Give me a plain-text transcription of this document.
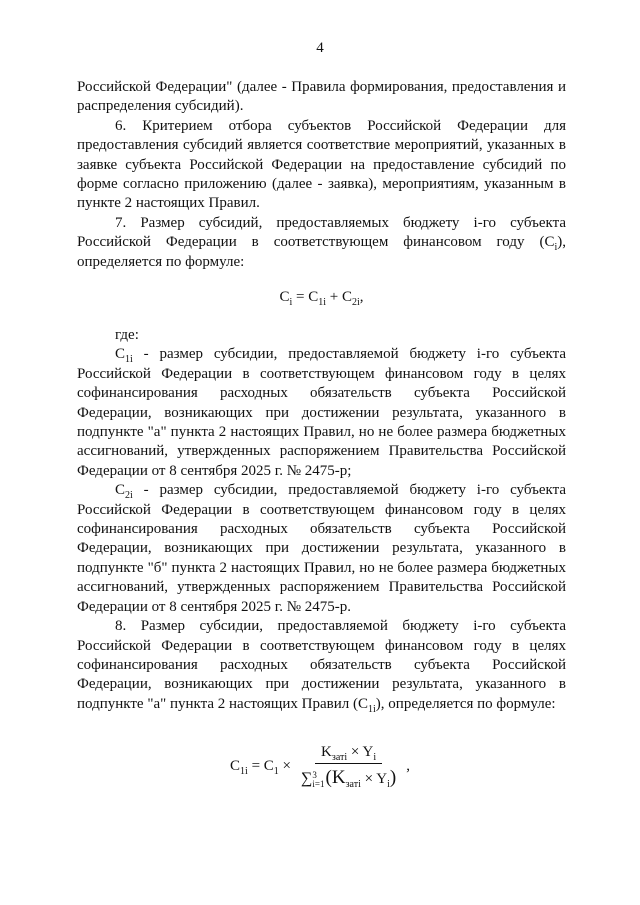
4

Российской Федерации" (далее - Правила формирования, предоставления и распределения субсидий).

6. Критерием отбора субъектов Российской Федерации для предоставления субсидий является соответствие мероприятий, указанных в заявке субъекта Российской Федерации на предоставление субсидий по форме согласно приложению (далее - заявка), мероприятиям, указанным в пункте 2 настоящих Правил.

7. Размер субсидий, предоставляемых бюджету i-го субъекта Российской Федерации в соответствующем финансовом году $(C_i)$, определяется по формуле:

$C_i = C_{1i} + C_{2i}$,

где:

$C_{1i}$ - размер субсидии, предоставляемой бюджету i-го субъекта Российской Федерации в соответствующем финансовом году в целях софинансирования расходных обязательств субъекта Российской Федерации, возникающих при достижении результата, указанного в подпункте "а" пункта 2 настоящих Правил, но не более размера бюджетных ассигнований, утвержденных распоряжением Правительства Российской Федерации от 8 сентября 2025 г. № 2475-р;

$C_{2i}$ - размер субсидии, предоставляемой бюджету i-го субъекта Российской Федерации в соответствующем финансовом году в целях софинансирования расходных обязательств субъекта Российской Федерации, возникающих при достижении результата, указанного в подпункте "б" пункта 2 настоящих Правил, но не более размера бюджетных ассигнований, утвержденных распоряжением Правительства Российской Федерации от 8 сентября 2025 г. № 2475-р.

8. Размер субсидии, предоставляемой бюджету i-го субъекта Российской Федерации в соответствующем финансовом году в целях софинансирования расходных обязательств субъекта Российской Федерации, возникающих при достижении результата, указанного в подпункте "а" пункта 2 настоящих Правил $(C_{1i})$, определяется по формуле:

$C_{1i} = C_1 \times K_{затi} \times Y_i$
∑ 3
i=1 $(K_{затi} \times Y_i)$ ,
